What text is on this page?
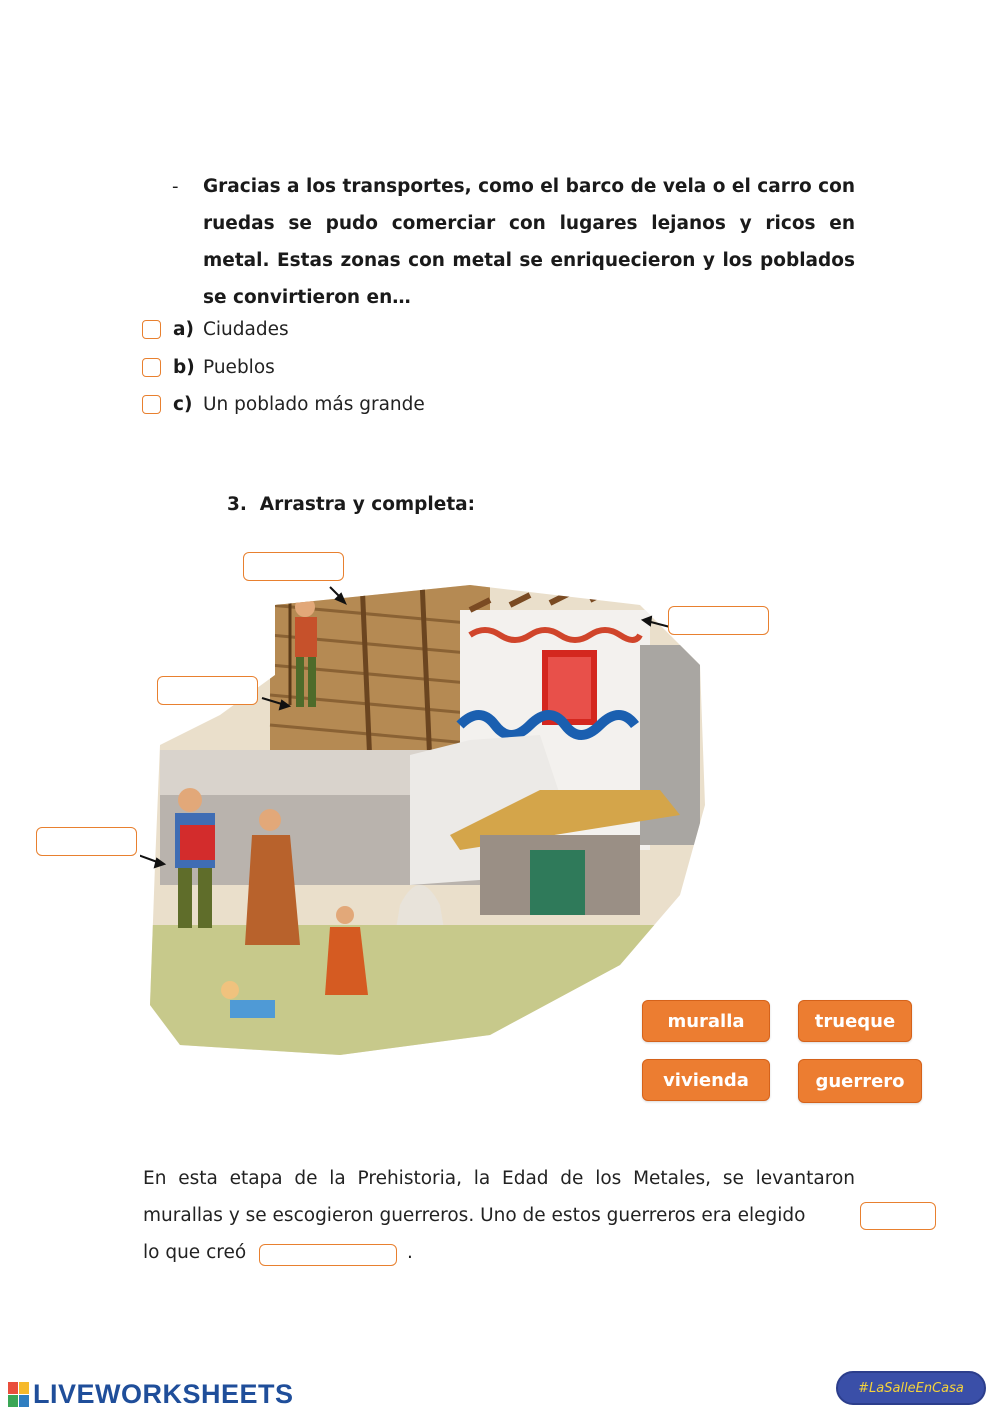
- Gracias a los transportes, como el barco de vela o el carro con ruedas se pudo comerciar con lugares lejanos y ricos en metal. Estas zonas con metal se enriquecieron y los poblados se convirtieron en…
a) Ciudades
b) Pueblos
c) Un poblado más grande
3.  Arrastra y completa:
muralla	trueque
vivienda	guerrero

En esta etapa de la Prehistoria, la Edad de los Metales, se levantaron

murallas y se escogieron guerreros. Uno de estos guerreros era elegido

lo que creó	.
LIVEWORKSHEETS	#LaSalleEnCasa
